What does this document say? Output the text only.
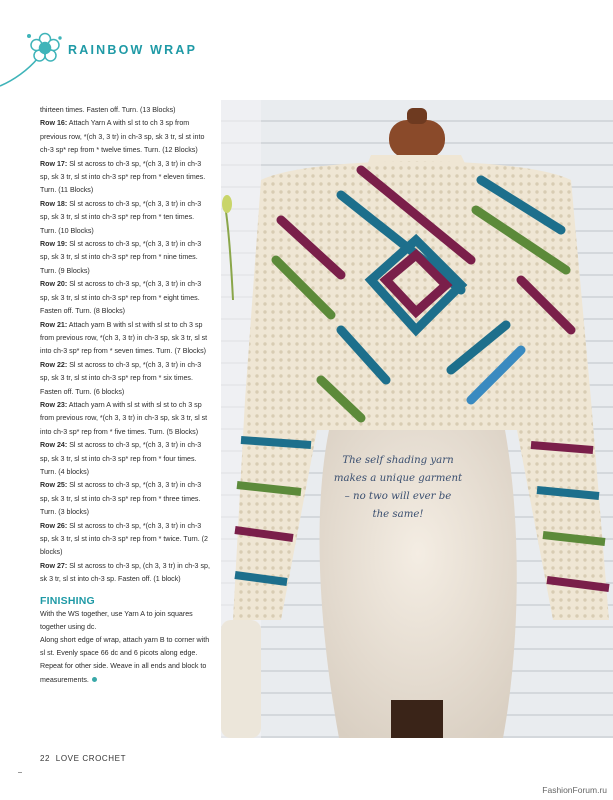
RAINBOW WRAP

thirteen times. Fasten off. Turn. (13 Blocks)

Row 16: Attach Yarn A with sl st to ch 3 sp from previous row, *(ch 3, 3 tr) in ch-3 sp, sk 3 tr, sl st into ch-3 sp* rep from * twelve times. Turn. (12 Blocks)

Row 17: Sl st across to ch-3 sp, *(ch 3, 3 tr) in ch-3 sp, sk 3 tr, sl st into ch-3 sp* rep from * eleven times. Turn. (11 Blocks)

Row 18: Sl st across to ch-3 sp, *(ch 3, 3 tr) in ch-3 sp, sk 3 tr, sl st into ch-3 sp* rep from * ten times. Turn. (10 Blocks)

Row 19: Sl st across to ch-3 sp, *(ch 3, 3 tr) in ch-3 sp, sk 3 tr, sl st into ch-3 sp* rep from * nine times. Turn. (9 Blocks)

Row 20: Sl st across to ch-3 sp, *(ch 3, 3 tr) in ch-3 sp, sk 3 tr, sl st into ch-3 sp* rep from * eight times. Fasten off. Turn. (8 Blocks)

Row 21: Attach yarn B with sl st with sl st to ch 3 sp from previous row, *(ch 3, 3 tr) in ch-3 sp, sk 3 tr, sl st into ch-3 sp* rep from * seven times. Turn. (7 Blocks)

Row 22: Sl st across to ch-3 sp, *(ch 3, 3 tr) in ch-3 sp, sk 3 tr, sl st into ch-3 sp* rep from * six times. Fasten off. Turn. (6 blocks)

Row 23: Attach yarn A with sl st with sl st to ch 3 sp from previous row, *(ch 3, 3 tr) in ch-3 sp, sk 3 tr, sl st into ch-3 sp* rep from * five times. Turn. (5 Blocks)

Row 24: Sl st across to ch-3 sp, *(ch 3, 3 tr) in ch-3 sp, sk 3 tr, sl st into ch-3 sp* rep from * four times. Turn. (4 blocks)

Row 25: Sl st across to ch-3 sp, *(ch 3, 3 tr) in ch-3 sp, sk 3 tr, sl st into ch-3 sp* rep from * three times. Turn. (3 blocks)

Row 26: Sl st across to ch-3 sp, *(ch 3, 3 tr) in ch-3 sp, sk 3 tr, sl st into ch-3 sp* rep from * twice. Turn. (2 blocks)

Row 27: Sl st across to ch-3 sp, (ch 3, 3 tr) in ch-3 sp, sk 3 tr, sl st into ch-3 sp. Fasten off. (1 block)

FINISHING

With the WS together, use Yarn A to join squares together using dc.

Along short edge of wrap, attach yarn B to corner with sl st. Evenly space 66 dc and 6 picots along edge. Repeat for other side. Weave in all ends and block to measurements.

The self shading yarn
makes a unique garment
– no two will ever be
the same!
22 LOVE CROCHET
FashionForum.ru
